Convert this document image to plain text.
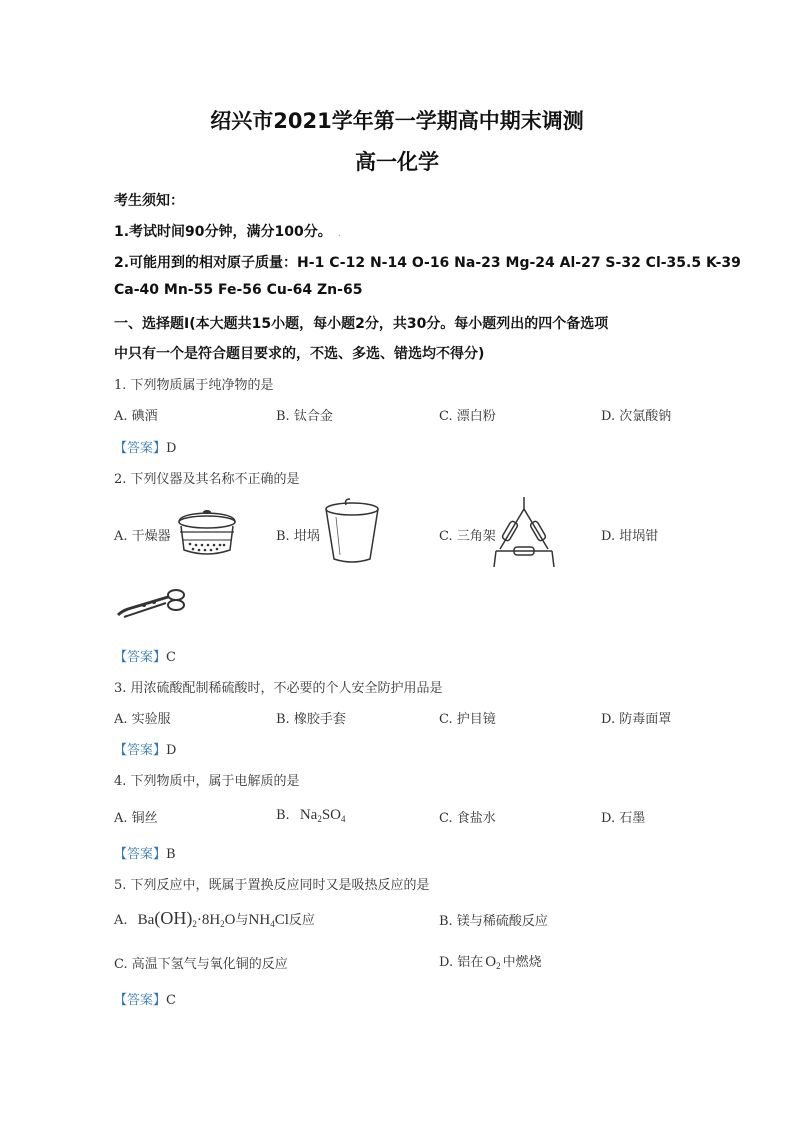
绍兴市2021学年第一学期高中期末调测
高一化学
考生须知：
1.考试时间90分钟，满分100分。 .
2.可能用到的相对原子质量：H-1 C-12 N-14 O-16 Na-23 Mg-24 Al-27 S-32 Cl-35.5 K-39
Ca-40 Mn-55 Fe-56 Cu-64 Zn-65
一、选择题Ⅰ(本大题共15小题，每小题2分，共30分。每小题列出的四个备选项
中只有一个是符合题目要求的，不选、多选、错选均不得分)
1. 下列物质属于纯净物的是
A. 碘酒	B. 钛合金	C. 漂白粉	D. 次氯酸钠
【答案】D
2. 下列仪器及其名称不正确的是
A. 干燥器	B. 坩埚	C. 三角架	D. 坩埚钳
【答案】C
3. 用浓硫酸配制稀硫酸时，不必要的个人安全防护用品是
A. 实验服	B. 橡胶手套	C. 护目镜	D. 防毒面罩
【答案】D
4. 下列物质中，属于电解质的是
A. 铜丝	B. $Na_2SO_4$	C. 食盐水	D. 石墨
【答案】B
5. 下列反应中，既属于置换反应同时又是吸热反应的是
A. $Ba(OH)_2\cdot 8H_2O$与$NH_4Cl$反应	B. 镁与稀硫酸反应
C. 高温下氢气与氧化铜的反应	D. 铝在 $O_2$ 中燃烧
【答案】C
